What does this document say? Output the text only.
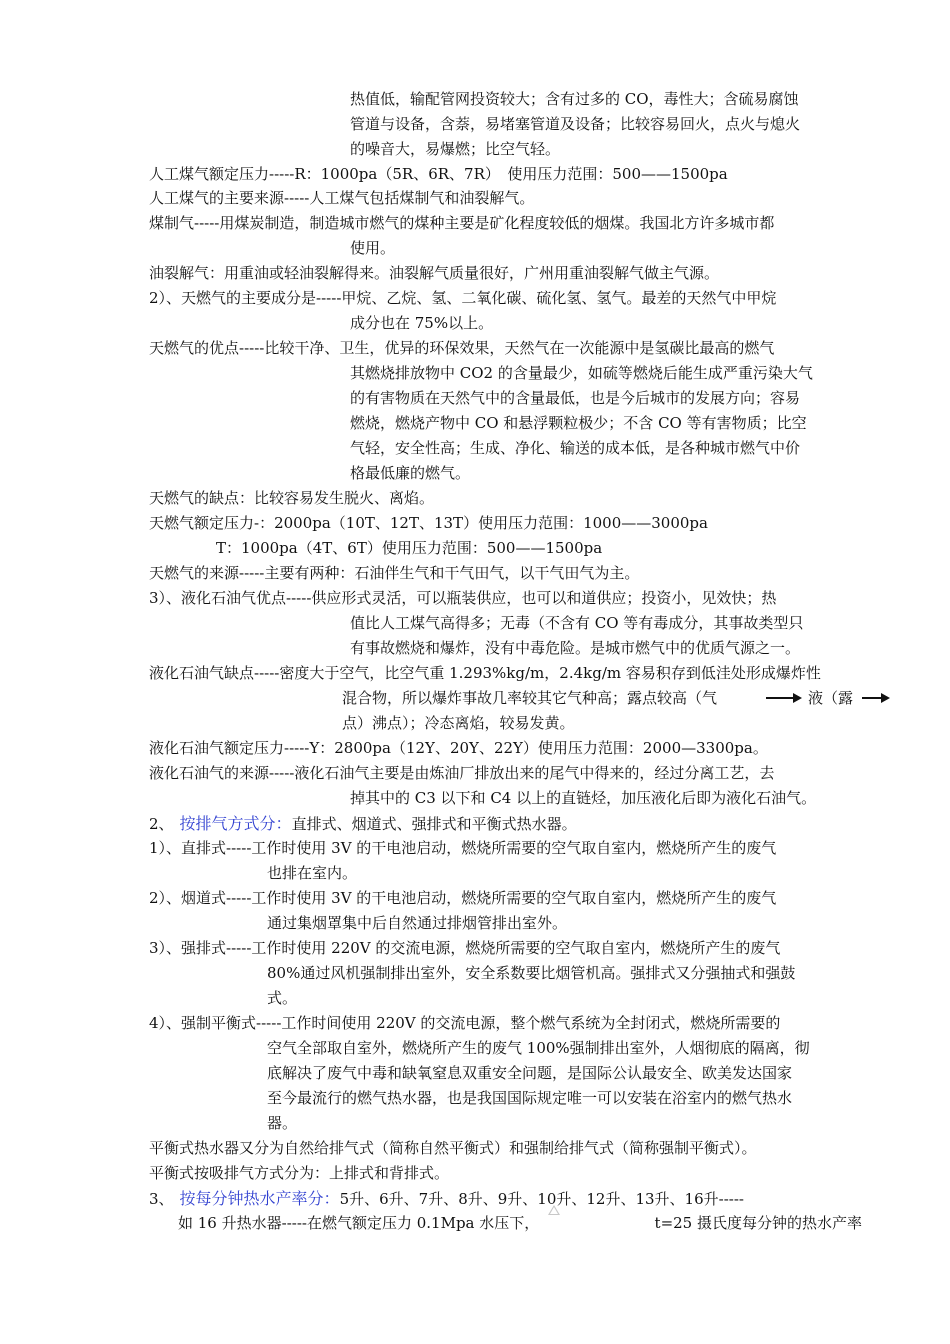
热值低，输配管网投资较大；含有过多的 CO，毒性大；含硫易腐蚀
管道与设备，含萘，易堵塞管道及设备；比较容易回火，点火与熄火
的噪音大，易爆燃；比空气轻。
人工煤气额定压力-----R：1000pa（5R、6R、7R）　使用压力范围：500——1500pa
人工煤气的主要来源-----人工煤气包括煤制气和油裂解气。
煤制气-----用煤炭制造，制造城市燃气的煤种主要是矿化程度较低的烟煤。我国北方许多城市都
使用。
油裂解气：用重油或轻油裂解得来。油裂解气质量很好，广州用重油裂解气做主气源。
2）、天燃气的主要成分是-----甲烷、乙烷、氢、二氧化碳、硫化氢、氢气。最差的天然气中甲烷
成分也在 75%以上。
天燃气的优点-----比较干净、卫生，优异的环保效果，天然气在一次能源中是氢碳比最高的燃气
其燃烧排放物中 CO2 的含量最少，如硫等燃烧后能生成严重污染大气
的有害物质在天然气中的含量最低，也是今后城市的发展方向；容易
燃烧，燃烧产物中 CO 和悬浮颗粒极少；不含 CO 等有害物质；比空
气轻，安全性高；生成、净化、输送的成本低，是各种城市燃气中价
格最低廉的燃气。
天燃气的缺点：比较容易发生脱火、离焰。
天燃气额定压力-：2000pa（10T、12T、13T）使用压力范围：1000——3000pa
T：1000pa（4T、6T）使用压力范围：500——1500pa
天燃气的来源-----主要有两种：石油伴生气和干气田气，以干气田气为主。
3）、液化石油气优点-----供应形式灵活，可以瓶装供应，也可以和道供应；投资小，见效快；热
值比人工煤气高得多；无毒（不含有 CO 等有毒成分，其事故类型只
有事故燃烧和爆炸，没有中毒危险。是城市燃气中的优质气源之一。
液化石油气缺点-----密度大于空气，比空气重 1.293%kg/m，2.4kg/m 容易积存到低洼处形成爆炸性
混合物，所以爆炸事故几率较其它气种高；露点较高（气	液（露
点）沸点）；冷态离焰，较易发黄。
液化石油气额定压力-----Y：2800pa（12Y、20Y、22Y）使用压力范围：2000—3300pa。
液化石油气的来源-----液化石油气主要是由炼油厂排放出来的尾气中得来的，经过分离工艺，去
掉其中的 C3 以下和 C4 以上的直链烃，加压液化后即为液化石油气。
2、 按排气方式分：直排式、烟道式、强排式和平衡式热水器。
1）、直排式-----工作时使用 3V 的干电池启动，燃烧所需要的空气取自室内，燃烧所产生的废气
也排在室内。
2）、烟道式-----工作时使用 3V 的干电池启动，燃烧所需要的空气取自室内，燃烧所产生的废气
通过集烟罩集中后自然通过排烟管排出室外。
3）、强排式-----工作时使用 220V 的交流电源，燃烧所需要的空气取自室内，燃烧所产生的废气
80%通过风机强制排出室外，安全系数要比烟管机高。强排式又分强抽式和强鼓
式。
4）、强制平衡式-----工作时间使用 220V 的交流电源，整个燃气系统为全封闭式，燃烧所需要的
空气全部取自室外，燃烧所产生的废气 100%强制排出室外，人烟彻底的隔离，彻
底解决了废气中毒和缺氧窒息双重安全问题，是国际公认最安全、欧美发达国家
至今最流行的燃气热水器，也是我国国际规定唯一可以安装在浴室内的燃气热水
器。
平衡式热水器又分为自然给排气式（简称自然平衡式）和强制给排气式（简称强制平衡式）。
平衡式按吸排气方式分为：上排式和背排式。
3、 按每分钟热水产率分：5升、6升、7升、8升、9升、10升、12升、13升、16升-----
如 16 升热水器-----在燃气额定压力 0.1Mpa 水压下，	t=25 摄氏度每分钟的热水产率
